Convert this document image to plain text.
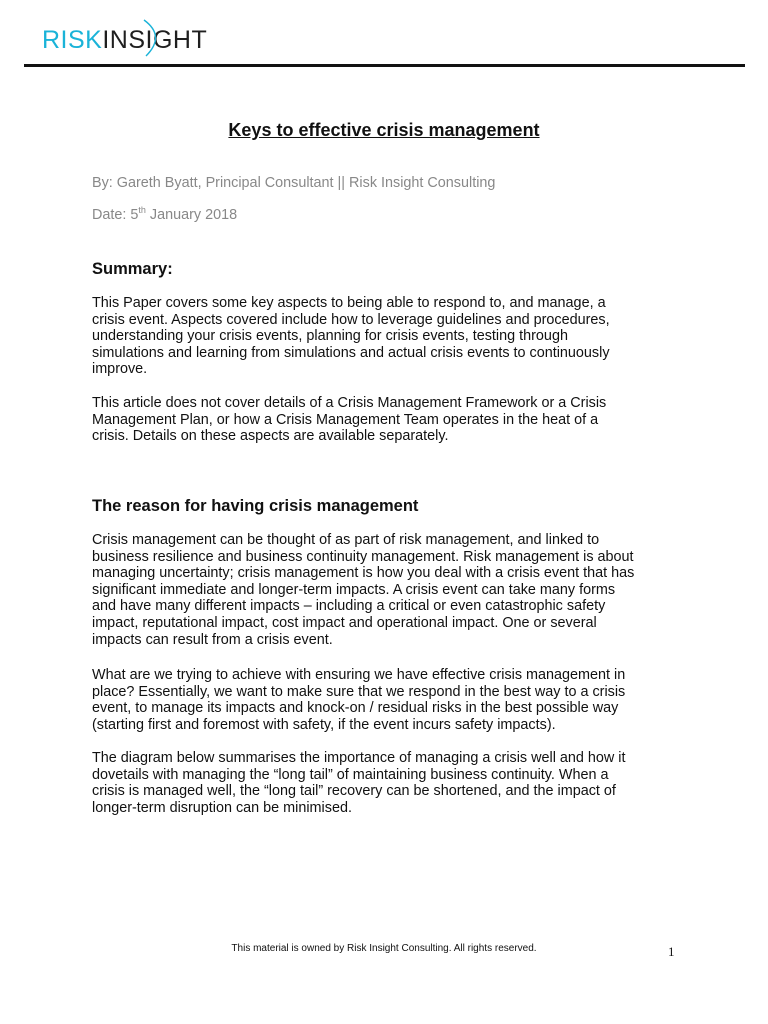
RISKINSIGHT
Keys to effective crisis management
By: Gareth Byatt, Principal Consultant || Risk Insight Consulting
Date: 5th January 2018
Summary:
This Paper covers some key aspects to being able to respond to, and manage, a
crisis event. Aspects covered include how to leverage guidelines and procedures,
understanding your crisis events, planning for crisis events, testing through
simulations and learning from simulations and actual crisis events to continuously
improve.
This article does not cover details of a Crisis Management Framework or a Crisis
Management Plan, or how a Crisis Management Team operates in the heat of a
crisis. Details on these aspects are available separately.
The reason for having crisis management
Crisis management can be thought of as part of risk management, and linked to
business resilience and business continuity management. Risk management is about
managing uncertainty; crisis management is how you deal with a crisis event that has
significant immediate and longer-term impacts. A crisis event can take many forms
and have many different impacts – including a critical or even catastrophic safety
impact, reputational impact, cost impact and operational impact. One or several
impacts can result from a crisis event.
What are we trying to achieve with ensuring we have effective crisis management in
place? Essentially, we want to make sure that we respond in the best way to a crisis
event, to manage its impacts and knock-on / residual risks in the best possible way
(starting first and foremost with safety, if the event incurs safety impacts).
The diagram below summarises the importance of managing a crisis well and how it
dovetails with managing the “long tail” of maintaining business continuity. When a
crisis is managed well, the “long tail” recovery can be shortened, and the impact of
longer-term disruption can be minimised.
This material is owned by Risk Insight Consulting. All rights reserved.	1
